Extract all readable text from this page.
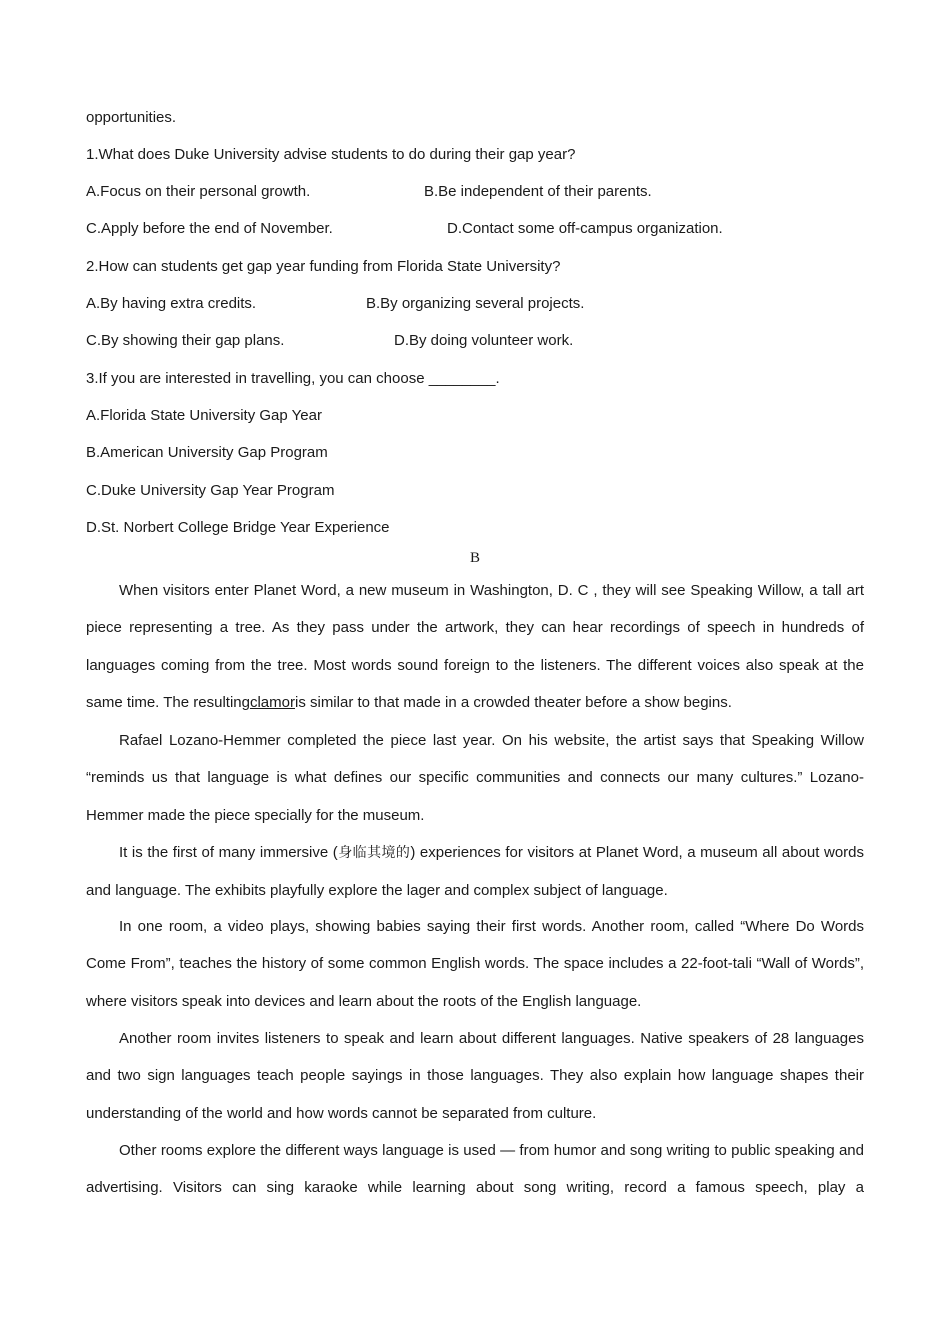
opportunities.
1.What does Duke University advise students to do during their gap year?
A.Focus on their personal growth.	B.Be independent of their parents.
C.Apply before the end of November.	D.Contact some off-campus organization.
2.How can students get gap year funding from Florida State University?
A.By having extra credits.	B.By organizing several projects.
C.By showing their gap plans.	D.By doing volunteer work.
3.If you are interested in travelling, you can choose ________.
A.Florida State University Gap Year
B.American University Gap Program
C.Duke University Gap Year Program
D.St. Norbert College Bridge Year Experience
B
When visitors enter Planet Word, a new museum in Washington, D. C , they will see Speaking Willow, a tall art piece representing a tree. As they pass under the artwork, they can hear recordings of speech in hundreds of languages coming from the tree. Most words sound foreign to the listeners. The different voices also speak at the same time. The resultingclamoris similar to that made in a crowded theater before a show begins.
Rafael Lozano-Hemmer completed the piece last year. On his website, the artist says that Speaking Willow “reminds us that language is what defines our specific communities and connects our many cultures.” Lozano-Hemmer made the piece specially for the museum.
It is the first of many immersive (身临其境的) experiences for visitors at Planet Word, a museum all about words and language. The exhibits playfully explore the lager and complex subject of language.
In one room, a video plays, showing babies saying their first words. Another room, called “Where Do Words Come From”, teaches the history of some common English words. The space includes a 22-foot-tali “Wall of Words”, where visitors speak into devices and learn about the roots of the English language.
Another room invites listeners to speak and learn about different languages. Native speakers of 28 languages and two sign languages teach people sayings in those languages. They also explain how language shapes their understanding of the world and how words cannot be separated from culture.
Other rooms explore the different ways language is used — from humor and song writing to public speaking and advertising. Visitors can sing karaoke while learning about song writing, record a famous speech, play a
